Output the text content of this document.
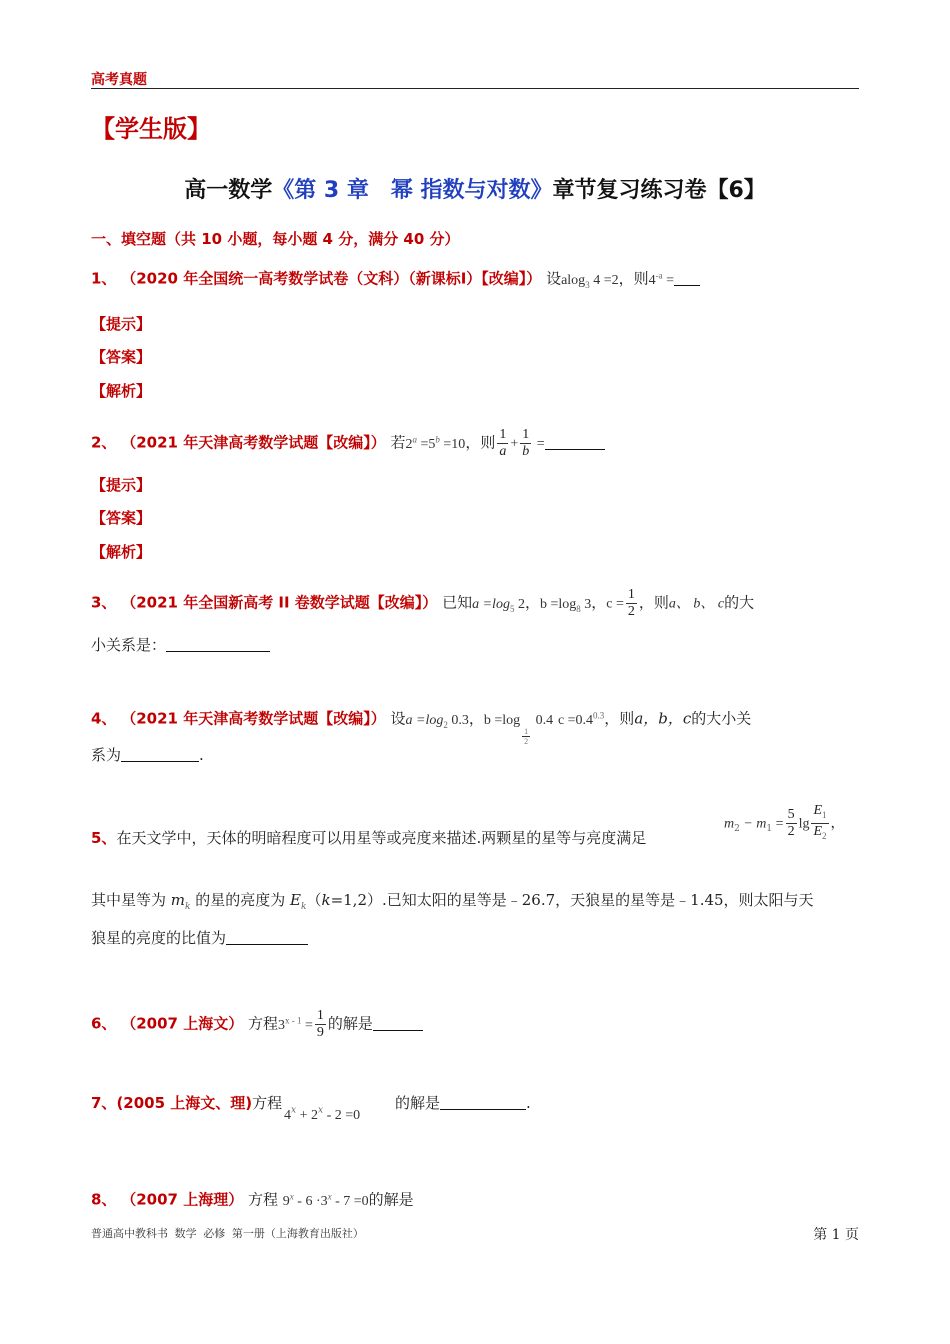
高考真题
【学生版】
高一数学《第 3 章　幂 指数与对数》章节复习练习卷【6】
一、填空题（共 10 小题，每小题 4 分，满分 40 分）
1、 （2020 年全国统一高考数学试卷（文科）（新课标Ⅰ）【改编】） 设alog$_3$ 4 =2，则$4^{-a}$ =
【提示】
【答案】
【解析】
2、 （2021 年天津高考数学试题【改编】） 若$2^a =5^b =10$，则 $\frac{1}{a} + \frac{1}{b}$ =
【提示】
【答案】
【解析】
3、 （2021 年全国新高考 II 卷数学试题【改编】） 已知$a =\log_5$ 2，$b =\log_8$ 3，$c = \frac{1}{2}$ ，则a、 b、 c的大
小关系是：
4、 （2021 年天津高考数学试题【改编】） 设$a =\log_2$ 0.3，b =log
$\frac{1}{2}$
0.4 $c =0.4^{0.3}$，则a，b，c的大小关
系为	.
5、在天文学中，天体的明暗程度可以用星等或亮度来描述.两颗星的星等与亮度满足
$m_2 - m_1 = \frac{5}{2}$ $\lg \frac{E_1}{E_2}$ ，
其中星等为 $m_k$ 的星的亮度为 $E_k(k=1,2)$.已知太阳的星等是﹣26.7，天狼星的星等是﹣1.45，则太阳与天
狼星的亮度的比值为
6、 （2007 上海文） 方程$3^{x - 1} = \frac{1}{9}$ 的解是
7、(2005 上海文、理)方程
$4^x + 2^x - 2 =0$
的解是	.
8、 （2007 上海理） 方程 $9^x - 6 \cdot 3^x - 7 =0$的解是
普通高中教科书 数学 必修 第一册（上海教育出版社）	第 1 页
